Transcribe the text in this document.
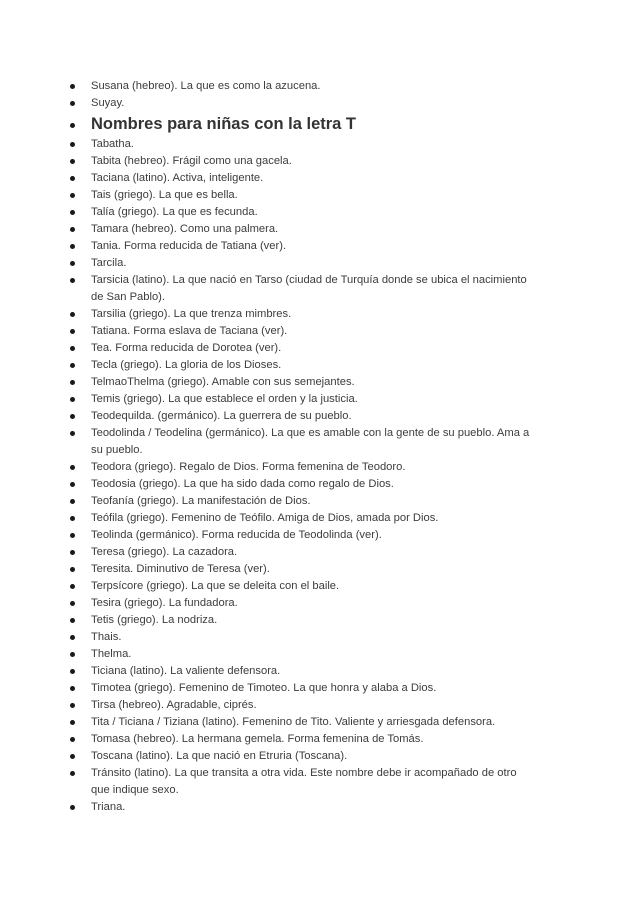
Susana (hebreo). La que es como la azucena.
Suyay.
Nombres para niñas con la letra T
Tabatha.
Tabita (hebreo). Frágil como una gacela.
Taciana (latino). Activa, inteligente.
Tais (griego). La que es bella.
Talía (griego). La que es fecunda.
Tamara (hebreo). Como una palmera.
Tania. Forma reducida de Tatiana (ver).
Tarcila.
Tarsicia (latino). La que nació en Tarso (ciudad de Turquía donde se ubica el nacimiento de San Pablo).
Tarsilia (griego). La que trenza mimbres.
Tatiana. Forma eslava de Taciana (ver).
Tea. Forma reducida de Dorotea (ver).
Tecla (griego). La gloria de los Dioses.
TelmaoThelma (griego). Amable con sus semejantes.
Temis (griego). La que establece el orden y la justicia.
Teodequilda. (germánico). La guerrera de su pueblo.
Teodolinda / Teodelina (germánico). La que es amable con la gente de su pueblo. Ama a su pueblo.
Teodora (griego). Regalo de Dios. Forma femenina de Teodoro.
Teodosia (griego). La que ha sido dada como regalo de Dios.
Teofanía (griego). La manifestación de Dios.
Teófila (griego). Femenino de Teófilo. Amiga de Dios, amada por Dios.
Teolinda (germánico). Forma reducida de Teodolinda (ver).
Teresa (griego). La cazadora.
Teresita. Diminutivo de Teresa (ver).
Terpsícore (griego). La que se deleita con el baile.
Tesira (griego). La fundadora.
Tetis (griego). La nodriza.
Thais.
Thelma.
Ticiana (latino). La valiente defensora.
Timotea (griego). Femenino de Timoteo. La que honra y alaba a Dios.
Tirsa (hebreo). Agradable, ciprés.
Tita / Ticiana / Tiziana (latino). Femenino de Tito. Valiente y arriesgada defensora.
Tomasa (hebreo). La hermana gemela. Forma femenina de Tomás.
Toscana (latino). La que nació en Etruria (Toscana).
Tránsito (latino). La que transita a otra vida. Este nombre debe ir acompañado de otro que indique sexo.
Triana.
